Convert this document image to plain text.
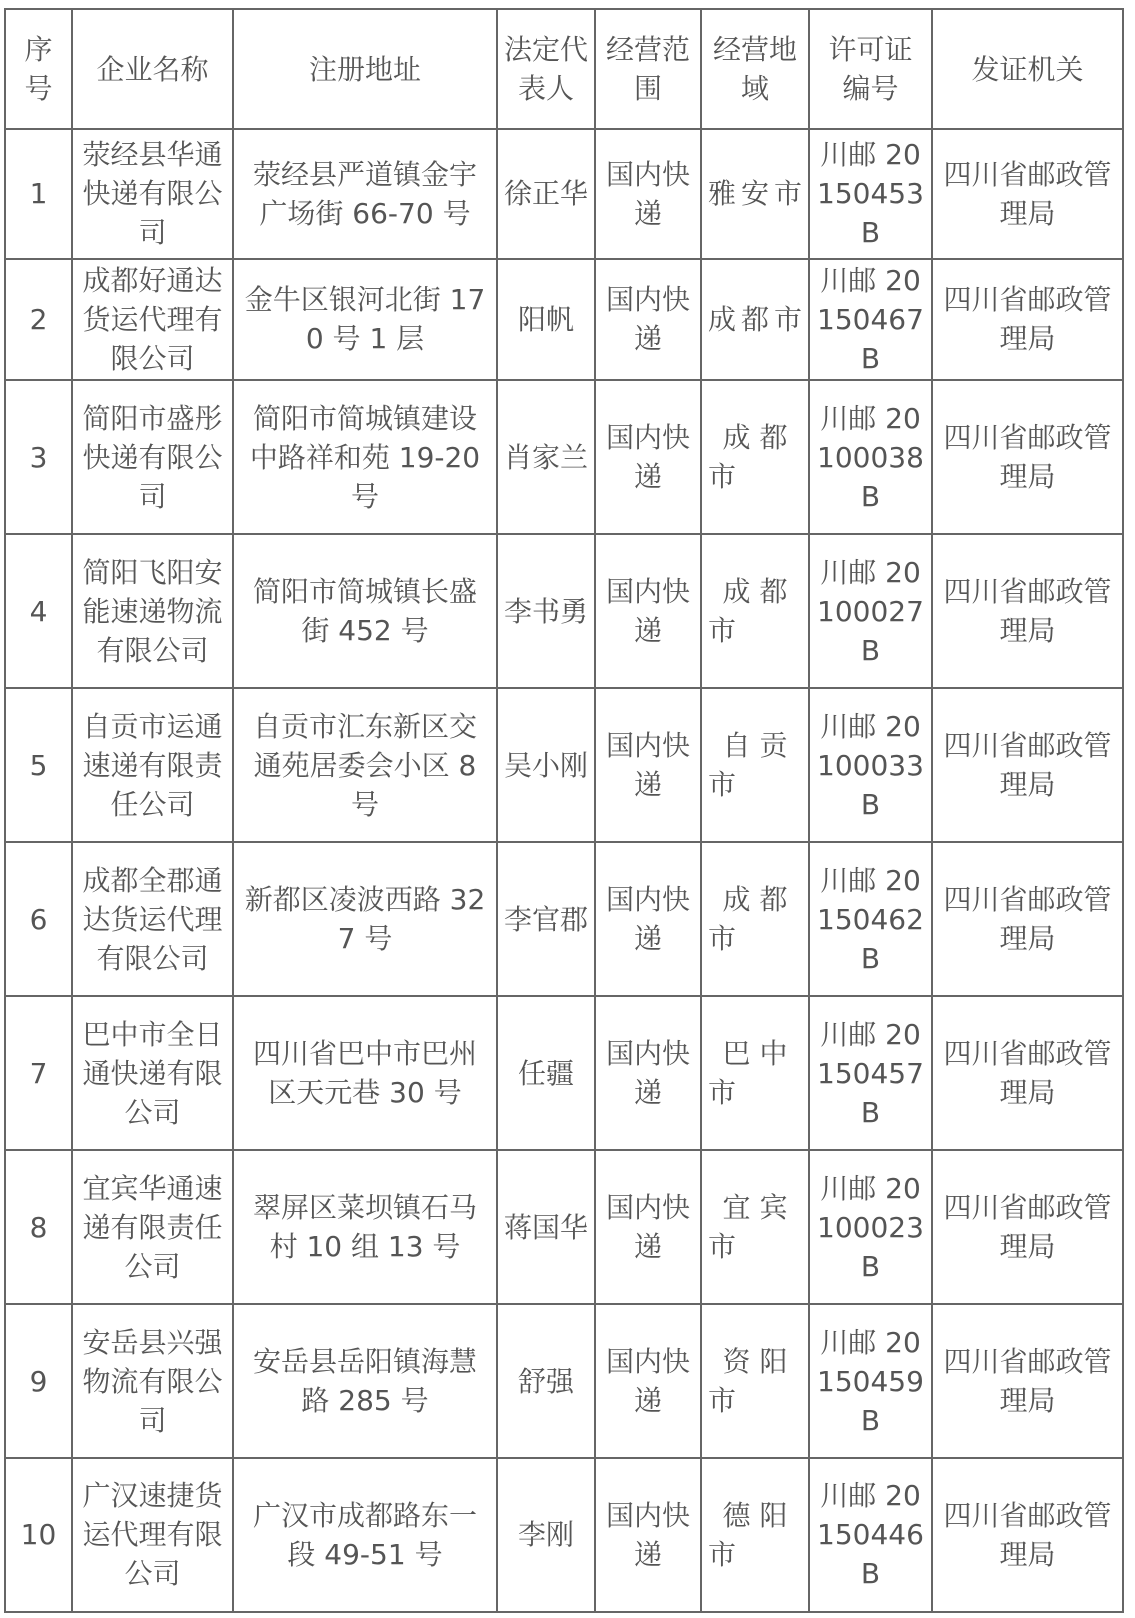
序号	企业名称	注册地址	法定代表人	经营范围	经营地域	许可证编号	发证机关
1	荥经县华通快递有限公司	荥经县严道镇金宇广场街 66-70 号	徐正华	国内快递	雅安市	川邮 20150453B	四川省邮政管理局
2	成都好通达货运代理有限公司	金牛区银河北街 170 号 1 层	阳帆	国内快递	成都市	川邮 20150467B	四川省邮政管理局
3	简阳市盛彤快递有限公司	简阳市简城镇建设中路祥和苑 19-20 号	肖家兰	国内快递	成 都 市	川邮 20100038B	四川省邮政管理局
4	简阳飞阳安能速递物流有限公司	简阳市简城镇长盛街 452 号	李书勇	国内快递	成 都 市	川邮 20100027B	四川省邮政管理局
5	自贡市运通速递有限责任公司	自贡市汇东新区交通苑居委会小区 8 号	吴小刚	国内快递	自 贡 市	川邮 20100033B	四川省邮政管理局
6	成都全郡通达货运代理有限公司	新都区凌波西路 327 号	李官郡	国内快递	成 都 市	川邮 20150462B	四川省邮政管理局
7	巴中市全日通快递有限公司	四川省巴中市巴州区天元巷 30 号	任疆	国内快递	巴 中 市	川邮 20150457B	四川省邮政管理局
8	宜宾华通速递有限责任公司	翠屏区菜坝镇石马村 10 组 13 号	蒋国华	国内快递	宜 宾 市	川邮 20100023B	四川省邮政管理局
9	安岳县兴强物流有限公司	安岳县岳阳镇海慧路 285 号	舒强	国内快递	资 阳 市	川邮 20150459B	四川省邮政管理局
10	广汉速捷货运代理有限公司	广汉市成都路东一段 49-51 号	李刚	国内快递	德 阳 市	川邮 20150446B	四川省邮政管理局
